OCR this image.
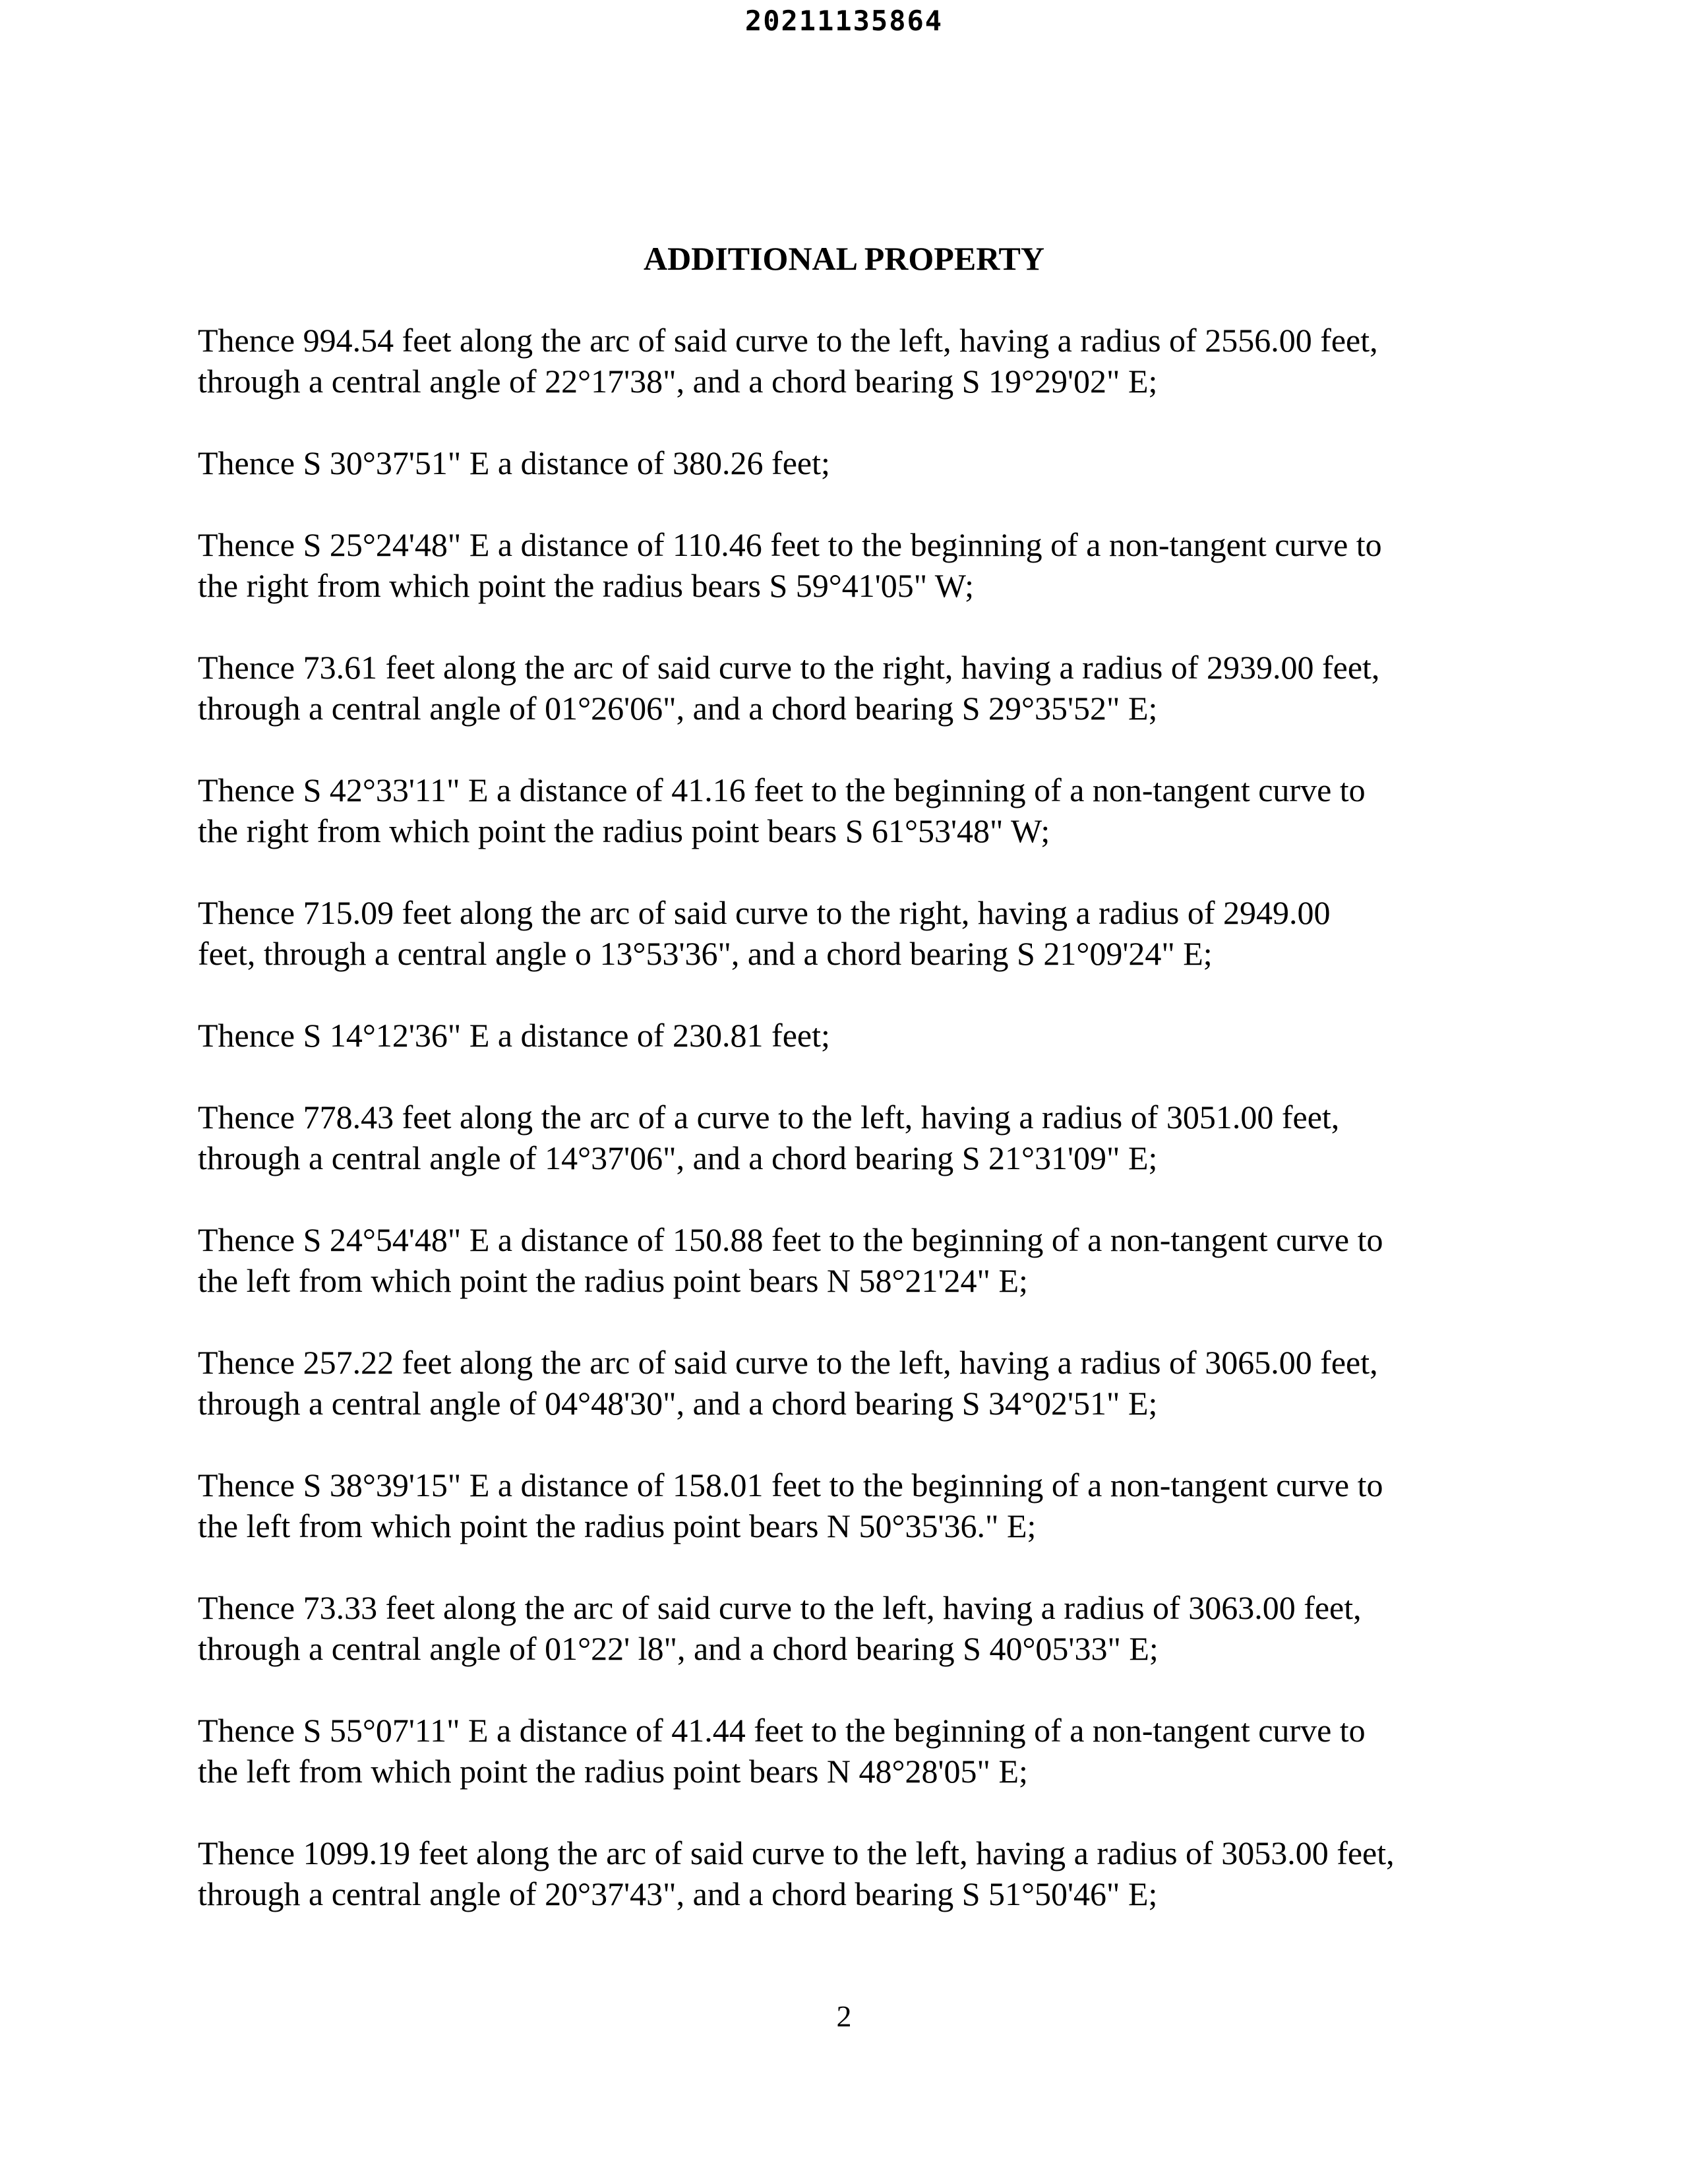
20211135864
ADDITIONAL PROPERTY

Thence 994.54 feet along the arc of said curve to the left, having a radius of 2556.00 feet,
through a central angle of 22°17'38", and a chord bearing S 19°29'02" E;

Thence S 30°37'51" E a distance of 380.26 feet;

Thence S 25°24'48" E a distance of 110.46 feet to the beginning of a non-tangent curve to
the right from which point the radius bears S 59°41'05" W;

Thence 73.61 feet along the arc of said curve to the right, having a radius of 2939.00 feet,
through a central angle of 01°26'06", and a chord bearing S 29°35'52" E;

Thence S 42°33'11" E a distance of 41.16 feet to the beginning of a non-tangent curve to
the right from which point the radius point bears S 61°53'48" W;

Thence 715.09 feet along the arc of said curve to the right, having a radius of 2949.00
feet, through a central angle o 13°53'36", and a chord bearing S 21°09'24" E;

Thence S 14°12'36" E a distance of 230.81 feet;

Thence 778.43 feet along the arc of a curve to the left, having a radius of 3051.00 feet,
through a central angle of 14°37'06", and a chord bearing S 21°31'09" E;

Thence S 24°54'48" E a distance of 150.88 feet to the beginning of a non-tangent curve to
the left from which point the radius point bears N 58°21'24" E;

Thence 257.22 feet along the arc of said curve to the left, having a radius of 3065.00 feet,
through a central angle of 04°48'30", and a chord bearing S 34°02'51" E;

Thence S 38°39'15" E a distance of 158.01 feet to the beginning of a non-tangent curve to
the left from which point the radius point bears N 50°35'36." E;

Thence 73.33 feet along the arc of said curve to the left, having a radius of 3063.00 feet,
through a central angle of 01°22' l8", and a chord bearing S 40°05'33" E;

Thence S 55°07'11" E a distance of 41.44 feet to the beginning of a non-tangent curve to
the left from which point the radius point bears N 48°28'05" E;

Thence 1099.19 feet along the arc of said curve to the left, having a radius of 3053.00 feet,
through a central angle of 20°37'43", and a chord bearing S 51°50'46" E;

2
